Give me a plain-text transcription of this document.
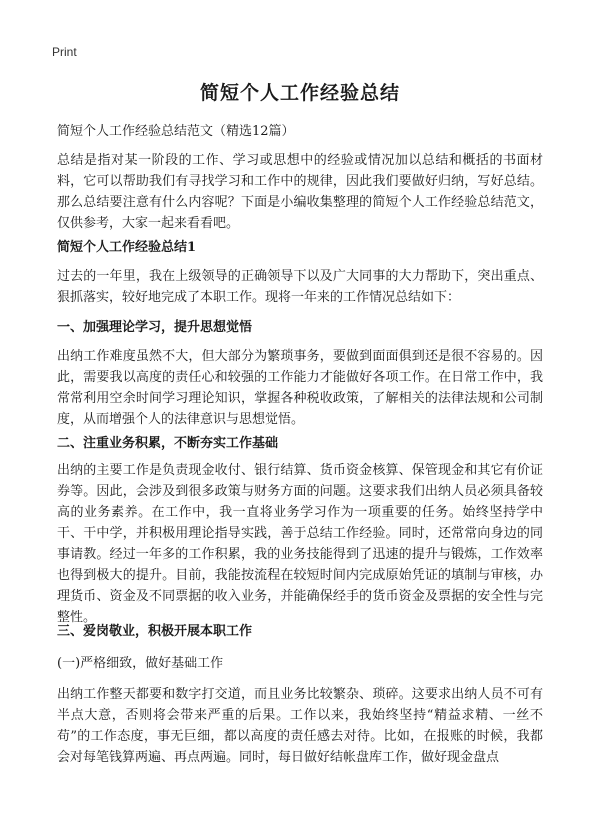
Print
简短个人工作经验总结
简短个人工作经验总结范文（精选12篇）
总结是指对某一阶段的工作、学习或思想中的经验或情况加以总结和概括的书面材料，它可以帮助我们有寻找学习和工作中的规律，因此我们要做好归纳，写好总结。那么总结要注意有什么内容呢？下面是小编收集整理的简短个人工作经验总结范文，仅供参考，大家一起来看看吧。
简短个人工作经验总结1
过去的一年里，我在上级领导的正确领导下以及广大同事的大力帮助下，突出重点、狠抓落实，较好地完成了本职工作。现将一年来的工作情况总结如下：
一、加强理论学习，提升思想觉悟
出纳工作难度虽然不大，但大部分为繁琐事务，要做到面面俱到还是很不容易的。因此，需要我以高度的责任心和较强的工作能力才能做好各项工作。在日常工作中，我常常利用空余时间学习理论知识，掌握各种税收政策，了解相关的法律法规和公司制度，从而增强个人的法律意识与思想觉悟。
二、注重业务积累，不断夯实工作基础
出纳的主要工作是负责现金收付、银行结算、货币资金核算、保管现金和其它有价证券等。因此，会涉及到很多政策与财务方面的问题。这要求我们出纳人员必须具备较高的业务素养。在工作中，我一直将业务学习作为一项重要的任务。始终坚持学中干、干中学，并积极用理论指导实践，善于总结工作经验。同时，还常常向身边的同事请教。经过一年多的工作积累，我的业务技能得到了迅速的提升与锻炼，工作效率也得到极大的提升。目前，我能按流程在较短时间内完成原始凭证的填制与审核，办理货币、资金及不同票据的收入业务，并能确保经手的货币资金及票据的安全性与完整性。
三、爱岗敬业，积极开展本职工作
(一)严格细致，做好基础工作
出纳工作整天都要和数字打交道，而且业务比较繁杂、琐碎。这要求出纳人员不可有半点大意，否则将会带来严重的后果。工作以来，我始终坚持“精益求精、一丝不苟”的工作态度，事无巨细，都以高度的责任感去对待。比如，在报账的时候，我都会对每笔钱算两遍、再点两遍。同时，每日做好结帐盘库工作，做好现金盘点
